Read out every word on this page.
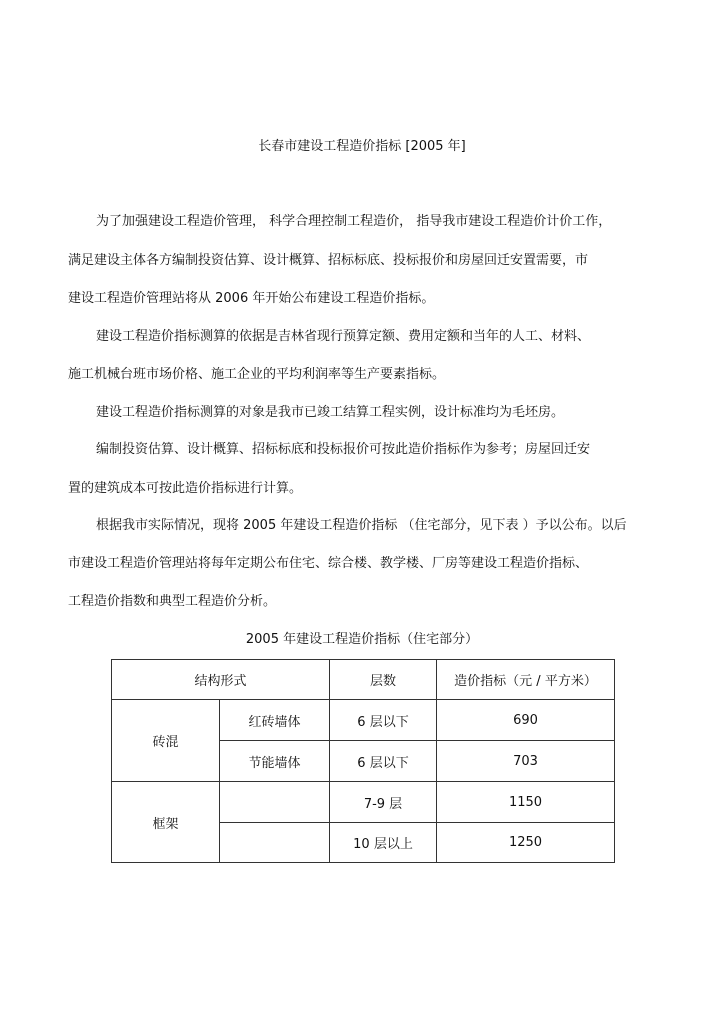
长春市建设工程造价指标 [2005 年]
为了加强建设工程造价管理， 科学合理控制工程造价， 指导我市建设工程造价计价工作，
满足建设主体各方编制投资估算、设计概算、招标标底、投标报价和房屋回迁安置需要，市
建设工程造价管理站将从 2006 年开始公布建设工程造价指标。
建设工程造价指标测算的依据是吉林省现行预算定额、费用定额和当年的人工、材料、
施工机械台班市场价格、施工企业的平均利润率等生产要素指标。
建设工程造价指标测算的对象是我市已竣工结算工程实例，设计标准均为毛坯房。
编制投资估算、设计概算、招标标底和投标报价可按此造价指标作为参考；房屋回迁安
置的建筑成本可按此造价指标进行计算。
根据我市实际情况，现将 2005 年建设工程造价指标 （住宅部分，见下表 ）予以公布。以后
市建设工程造价管理站将每年定期公布住宅、综合楼、教学楼、厂房等建设工程造价指标、
工程造价指数和典型工程造价分析。
2005 年建设工程造价指标（住宅部分）
结构形式		层数	造价指标（元 / 平方米）
砖混	红砖墙体	6 层以下	690
	节能墙体	6 层以下	703
框架		7-9 层	1150
		10 层以上	1250
